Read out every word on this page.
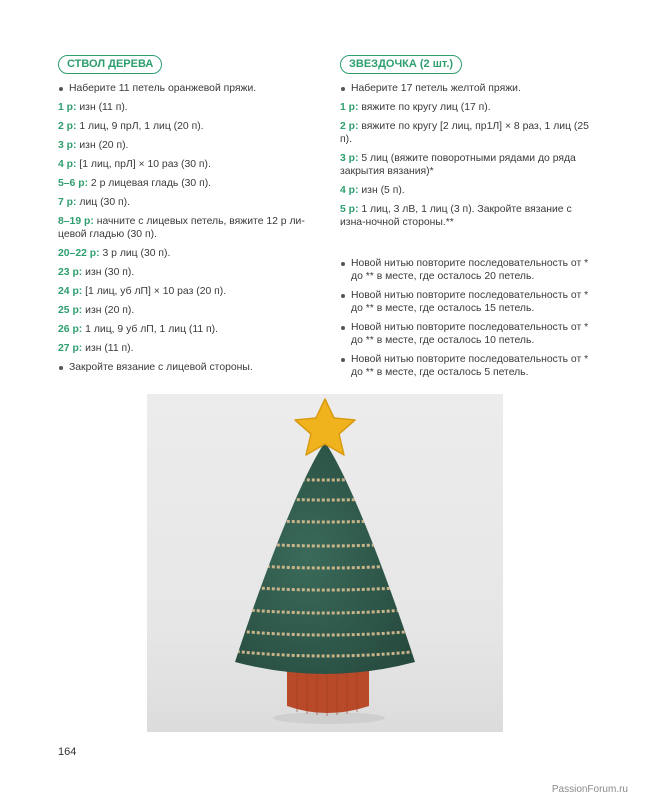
СТВОЛ ДЕРЕВА
Наберите 11 петель оранжевой пряжи.
1 р: изн (11 п).
2 р: 1 лиц, 9 прЛ, 1 лиц (20 п).
3 р: изн (20 п).
4 р: [1 лиц, прЛ] × 10 раз (30 п).
5–6 р: 2 р лицевая гладь (30 п).
7 р: лиц (30 п).
8–19 р: начните с лицевых петель, вяжите 12 р ли-цевой гладью (30 п).
20–22 р: 3 р лиц (30 п).
23 р: изн (30 п).
24 р: [1 лиц, уб лП] × 10 раз (20 п).
25 р: изн (20 п).
26 р: 1 лиц, 9 уб лП, 1 лиц (11 п).
27 р: изн (11 п).
Закройте вязание с лицевой стороны.
ЗВЕЗДОЧКА (2 шт.)
Наберите 17 петель желтой пряжи.
1 р: вяжите по кругу лиц (17 п).
2 р: вяжите по кругу [2 лиц, пр1Л] × 8 раз, 1 лиц (25 п).
3 р: 5 лиц (вяжите поворотными рядами до ряда закрытия вязания)*
4 р: изн (5 п).
5 р: 1 лиц, 3 лВ, 1 лиц (3 п). Закройте вязание с изна-ночной стороны.**
Новой нитью повторите последовательность от * до ** в месте, где осталось 20 петель.
Новой нитью повторите последовательность от * до ** в месте, где осталось 15 петель.
Новой нитью повторите последовательность от * до ** в месте, где осталось 10 петель.
Новой нитью повторите последовательность от * до ** в месте, где осталось 5 петель.
164
PassionForum.ru
